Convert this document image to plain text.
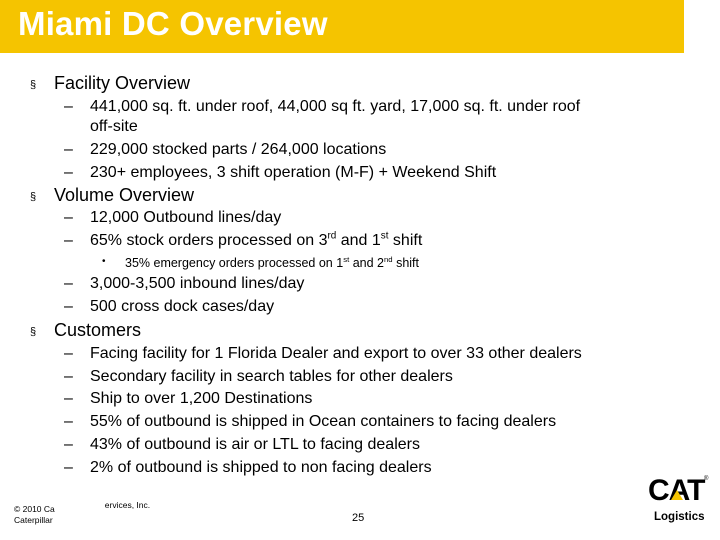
Miami DC Overview
§ Facility Overview
– 441,000 sq. ft. under roof, 44,000 sq ft. yard, 17,000 sq. ft. under roof
off-site
– 229,000 stocked parts / 264,000 locations
– 230+ employees, 3 shift operation (M-F) + Weekend Shift
§ Volume Overview
– 12,000 Outbound lines/day
– 65% stock orders processed on 3rd and 1st shift
• 35% emergency orders processed on 1st and 2nd shift
– 3,000-3,500 inbound lines/day
– 500 cross dock cases/day
§ Customers
– Facing facility for 1 Florida Dealer and export to over 33 other dealers
– Secondary facility in search tables for other dealers
– Ship to over 1,200 Destinations
– 55% of outbound is shipped in Ocean containers to facing dealers
– 43% of outbound is air or LTL to facing dealers
– 2% of outbound is shipped to non facing dealers
© 2010 Ca	ervices, Inc.
Caterpillar	25
CAT ®
Logistics
